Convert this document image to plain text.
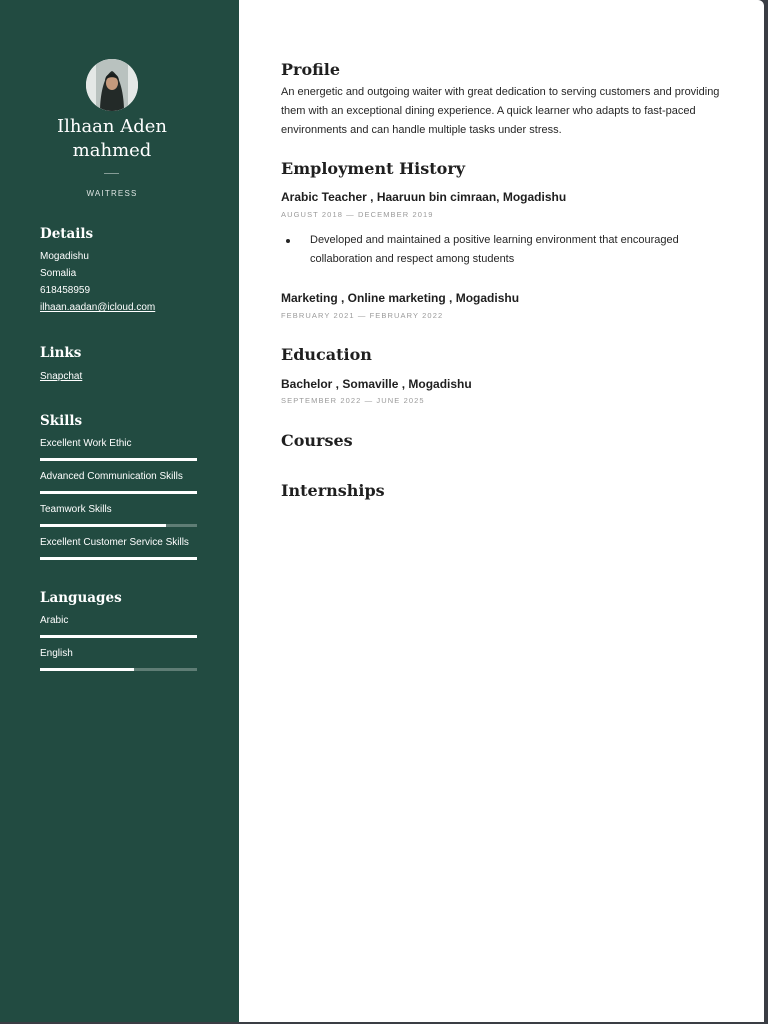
Ilhaan Aden
mahmed
WAITRESS
Details
Mogadishu
Somalia
618458959
ilhaan.aadan@icloud.com
Links
Snapchat
Skills
Excellent Work Ethic
Advanced Communication Skills
Teamwork Skills
Excellent Customer Service Skills
Languages
Arabic
English
Profile
An energetic and outgoing waiter with great dedication to serving customers and providing them with an exceptional dining experience. A quick learner who adapts to fast-paced environments and can handle multiple tasks under stress.
Employment History
Arabic Teacher , Haaruun bin cimraan, Mogadishu
AUGUST 2018 — DECEMBER 2019
Developed and maintained a positive learning environment that encouraged collaboration and respect among students
Marketing , Online marketing , Mogadishu
FEBRUARY 2021 — FEBRUARY 2022
Education
Bachelor , Somaville , Mogadishu
SEPTEMBER 2022 — JUNE 2025
Courses
Internships
